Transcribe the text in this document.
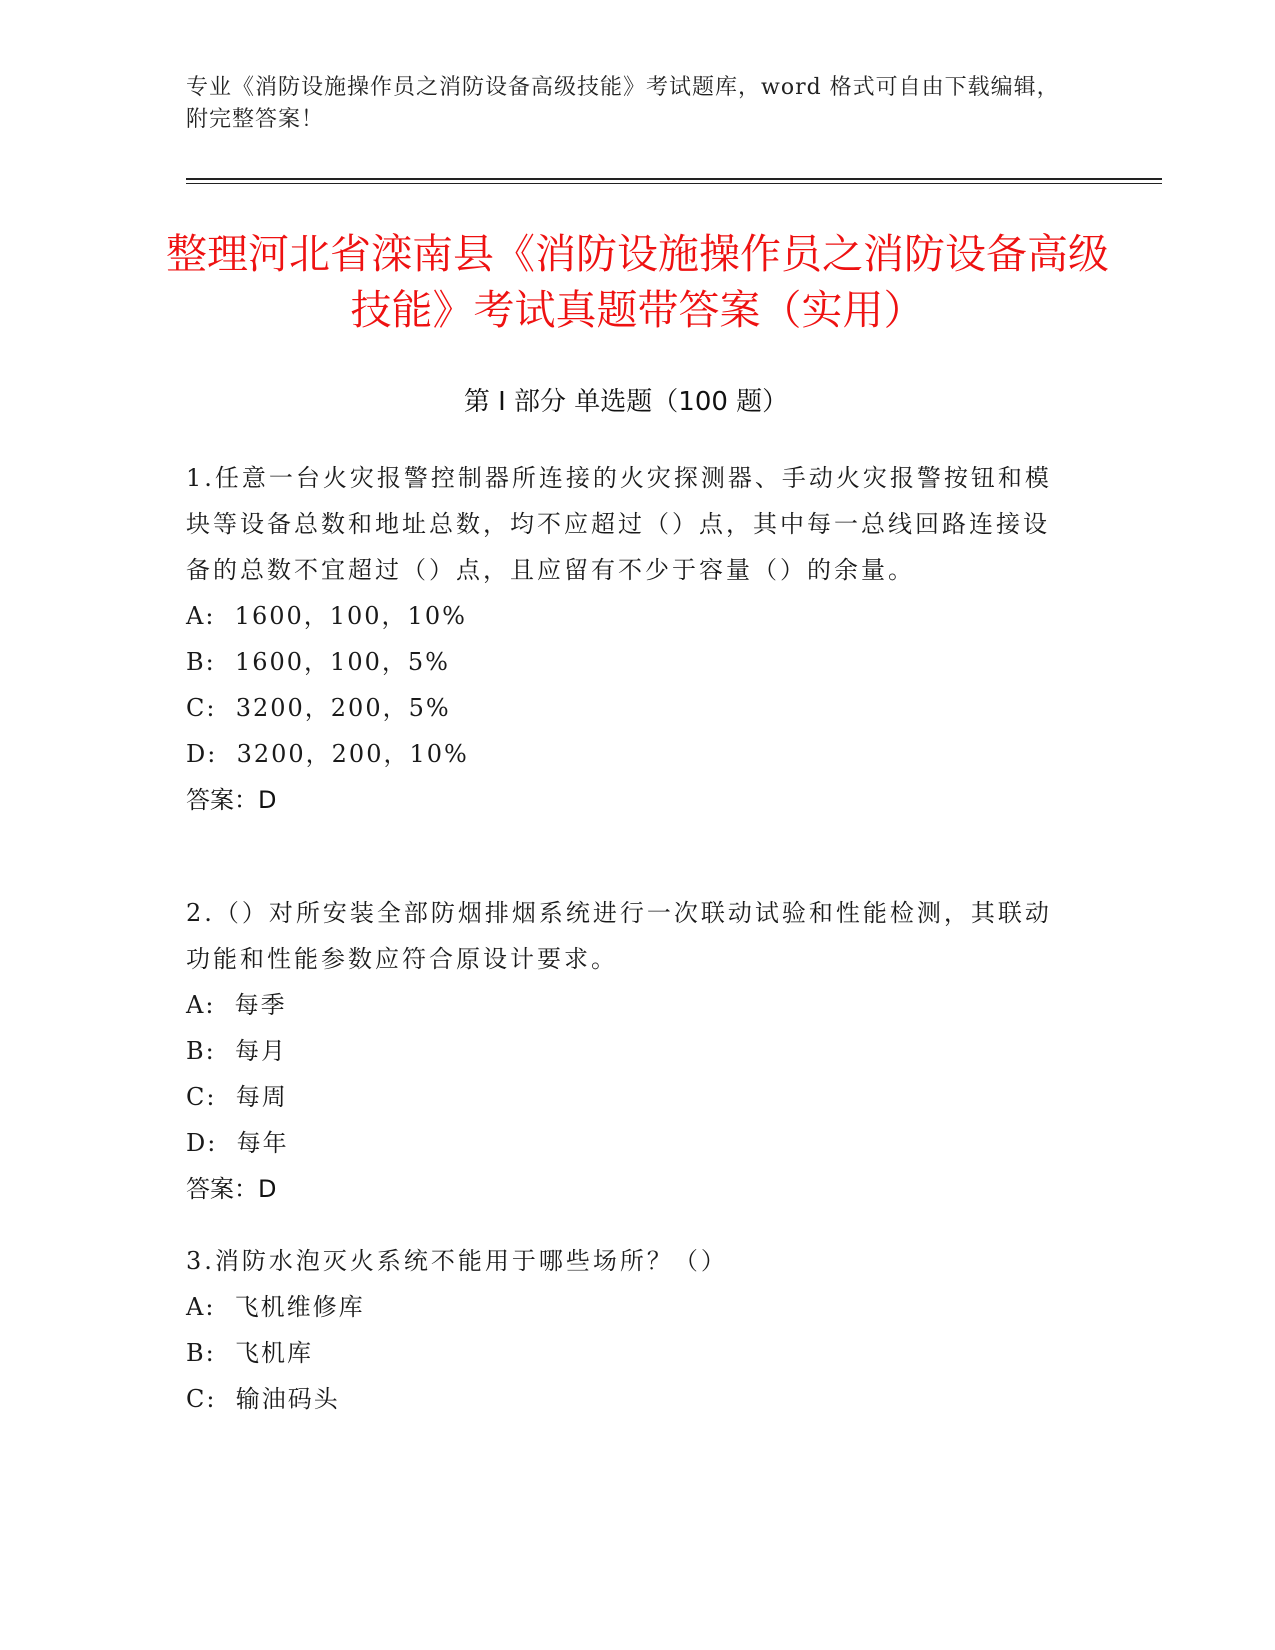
专业《消防设施操作员之消防设备高级技能》考试题库，word 格式可自由下载编辑，附完整答案！
整理河北省滦南县《消防设施操作员之消防设备高级技能》考试真题带答案（实用）
第 I 部分 单选题（100 题）

1.任意一台火灾报警控制器所连接的火灾探测器、手动火灾报警按钮和模块等设备总数和地址总数，均不应超过（）点，其中每一总线回路连接设备的总数不宜超过（）点，且应留有不少于容量（）的余量。

A:  1600，100，10%

B:  1600，100，5%

C:  3200，200，5%

D:  3200，200，10%

答案：D

2.（）对所安装全部防烟排烟系统进行一次联动试验和性能检测，其联动功能和性能参数应符合原设计要求。

A:  每季

B:  每月

C:  每周

D:  每年

答案：D

3.消防水泡灭火系统不能用于哪些场所？（）

A:  飞机维修库

B:  飞机库

C:  输油码头
